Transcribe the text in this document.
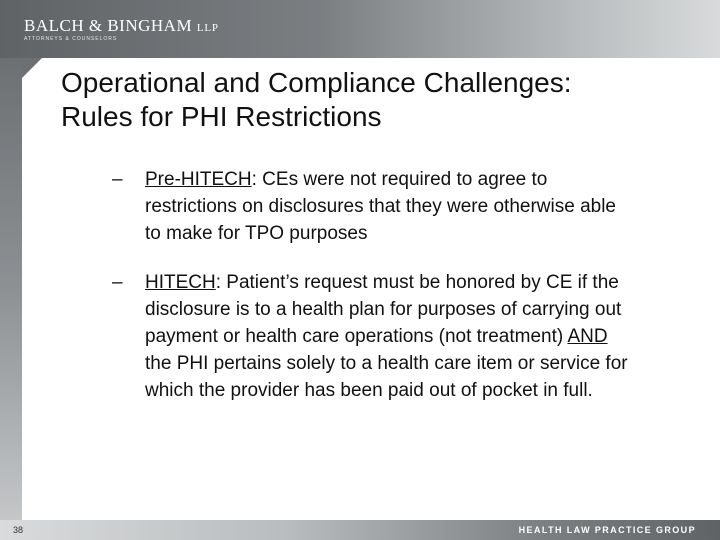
BALCH & BINGHAM LLP
ATTORNEYS & COUNSELORS
Operational and Compliance Challenges:
Rules for PHI Restrictions
– Pre-HITECH: CEs were not required to agree to restrictions on disclosures that they were otherwise able to make for TPO purposes
– HITECH: Patient’s request must be honored by CE if the disclosure is to a health plan for purposes of carrying out payment or health care operations (not treatment) AND the PHI pertains solely to a health care item or service for which the provider has been paid out of pocket in full.
38	HEALTH LAW PRACTICE GROUP
